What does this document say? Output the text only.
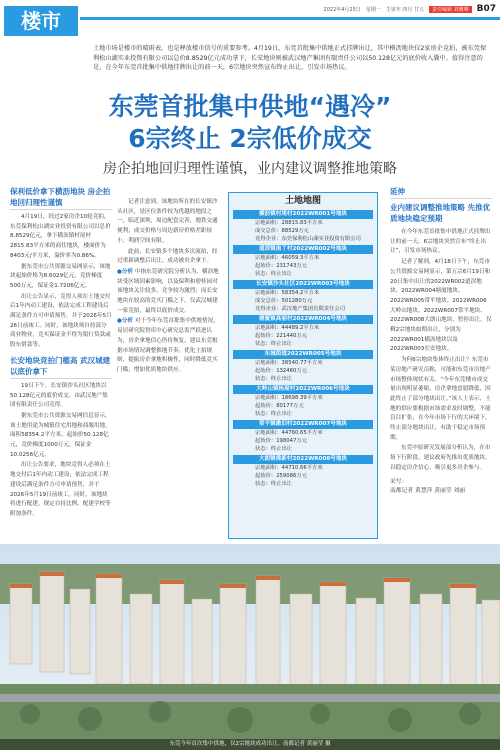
楼市	2022年4月25日 星期一 壬寅年 四月 廿五	责任编辑 刘雅琳 B07
土地市场是楼市的晴雨表，也是释放楼市信号的重要参考。4月19日，东莞首批集中供地正式挂牌出让，其中横沥地块仅2家房企竞拍，被东莞保利松山湖实业投资有限公司以总价8.8529亿元成功拿下，长安地块则被武汉地产集团有限责任公司以50.128亿元的底价收入囊中。值得注意的是，在今年东莞首批集中供地挂牌出让的前一天，6宗地块突然宣布终止出让，引发市场热议。
东莞首批集中供地“遇冷”
6宗终止 2宗低价成交
房企拍地回归理性谨慎，业内建议调整推地策略
保利低价拿下横沥地块 房企拍地回归理性谨慎

4月19日，经过2家房企10轮竞拍，东莞保利松山湖实业投资有限公司以总价8.8529亿元，拿下横沥镇村尾村2815.83平方米的商住地块，楼面价为8403元/平方米，溢价率为0.86%。

据东莞市公共资源交易网显示，该地块起始价格为8.6029亿元，竞价梯度500万元，保证金1.7206亿元。

出让公告显示，竞得人须在土地交付后1年内动工建设，依法完成工程建设后满足条件方可申请预售，并于2026年5月26日前竣工。同时，该地块须自持部分商业物业，竞买保证金不得为银行贷款或股东借款等。

长安地块竞拍门槛高 武汉城建以底价拿下

19日下午，长安镇沙头社区地块以50.128亿元的底价成交，由武汉地产集团有限责任公司竞得。

据东莞市公共资源交易网信息显示，该土地用途为城镇住宅用地和商服用地，面积58354.2平方米，起始价50.128亿元，竞价梯度1000万元，保证金10.0256亿元。

出让公告要求，地块竞得人必须在土地交付后1年内动工建设，依法完成工程建设后满足条件方可申请预售，并于2026年5月19日前竣工。同时，该地块将进行配建，规定自持比例、配建学校等附加条件。

记者注意到，该地块所在的长安镇沙头社区，是区位条件较为优越的地段之一，临近深圳，周边配套完善，地铁交通便利，成交价格与周边新房价格差距较小，利润空间有限。

此前，长安镇多个地块多次流拍，经过重新调整后出让，成功被央企拿下。

●分析 中指东莞研究院分析认为，横沥地块受区域因素影响，以及保利和碧桂园对该地块关注较多，竞争较为激烈；而长安地块在较高的竞买门槛之下，仅武汉城建一家竞拍，最终以底价成交。

●分析 对于今年东莞首批集中供地情况，易居研究院智库中心研究总监严跃进认为，房企拿地信心仍待恢复，建议东莞根据市场情况调整推地节奏，优化土拍规则，提振房企拿地积极性，同时降低竞买门槛，增加优质地块供应。

土地地图
横沥镇村尾村2022WR001号地块
宗地面积：28815.83平方米
成交总价：88529万元
竞得企业：东莞保利松山湖实业投资有限公司
道滘镇南丫村2022WR002号地块
宗地面积：46059.3平方米
起始价：231743万元
状态：终止出让
长安镇沙头社区2022WR003号地块
宗地面积：58354.2平方米
成交总价：501280万元
竞得企业：武汉地产集团有限责任公司
塘厦镇高丽村2022WR004号地块
宗地面积：44489.2平方米
起始价：221440万元
状态：终止出让
东城街道2022WR005号地块
宗地面积：38540.77平方米
起始价：132460万元
状态：终止出让
大岭山镇杨屋村2022WR006号地块
宗地面积：18698.39平方米
起始价：80177万元
状态：终止出让
常平镇漱旧村2022WR007号地块
宗地面积：44760.65平方米
起始价：198047万元
状态：终止出让
大朗镇佛新村2022WR008号地块
宗地面积：44710.66平方米
起始价：259086万元
状态：终止出让
延伸
业内建议调整推地策略 先推优质地块稳定预期

在今年东莞首批集中供地正式挂牌出让的前一天，6宗地块突然宣布“终止出让”，引发市场热议。

记者了解到，4月18日下午，东莞市公共资源交易网显示，第五宗6月19日和20日集中出让的2022WR002道滘地块、2022WR004塘厦地块、2022WR005常平地块、2022WR006大岭山地块、2022WR007常平地块、2022WR008大朗山地块，暂停出让。仅剩2宗地块如期出让，分别为2022WR001横沥地块以及2022WR003长安地块。

为何6宗地块集体终止出让？东莞市某房地产研究员称，可能和东莞市房地产市场整体现状有关。“今年东莞楼市成交量出现明显萎缩，房企拿地意愿降低，因此终止了部分地块出让。”该人士表示，土地的供应要根据市场需求及时调整，不能盲目扩张，在今年市场下行的大环境下，终止部分地块出让，有助于稳定市场预期。

东莞中原研究发展部分析认为，在市场下行阶段，建议政府先推出优质地块，以稳定房企信心，吸引更多房企参与。

采写：
南都记者 黄慧萍 黄丽莹 刘丽
东莞今年首次集中供地，仅2宗地块成功出让。南都记者 黄丽莹 摄
